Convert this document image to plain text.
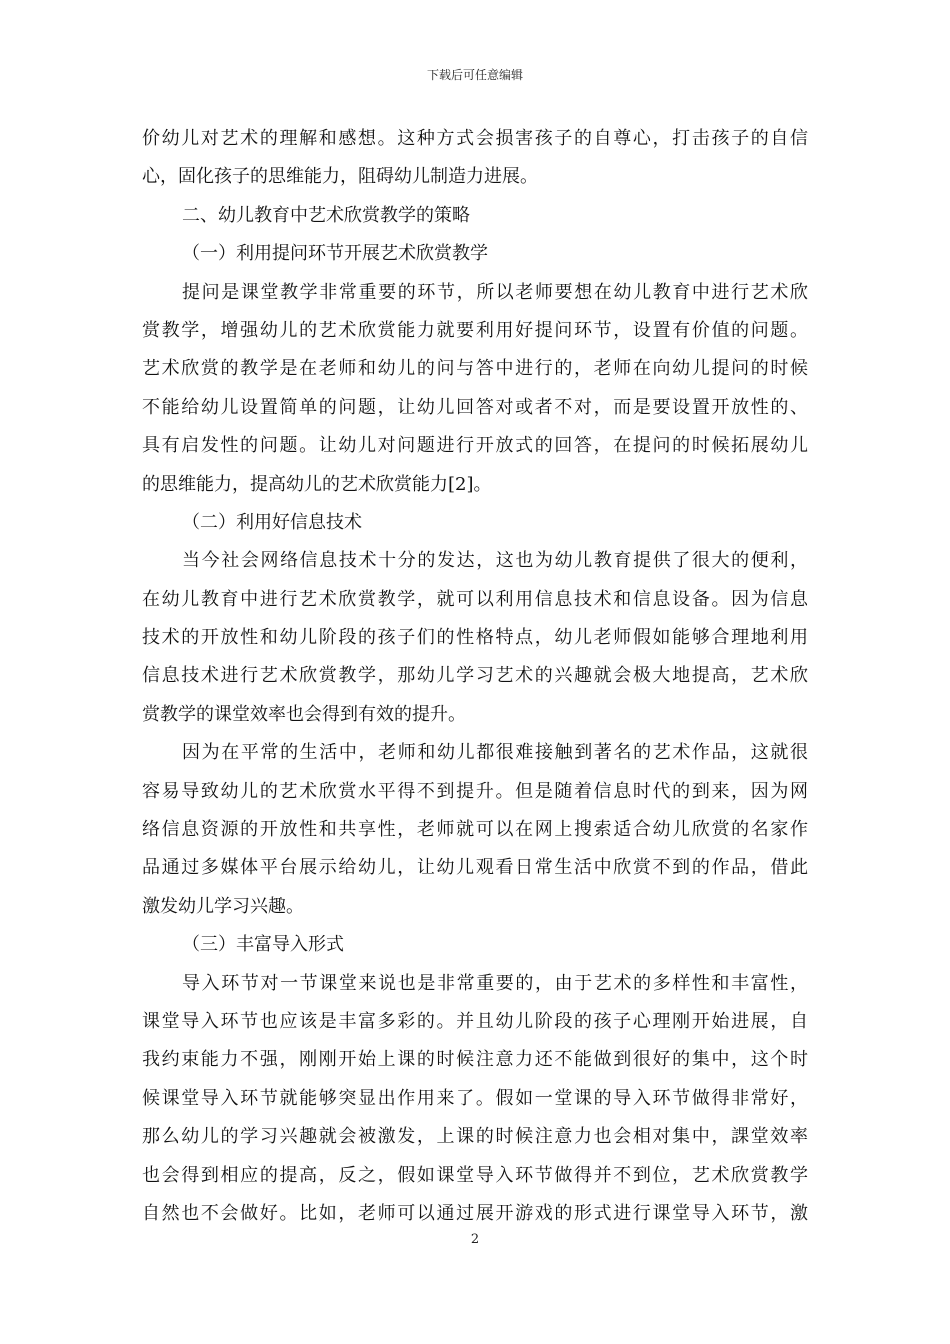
下载后可任意编辑
价幼儿对艺术的理解和感想。这种方式会损害孩子的自尊心，打击孩子的自信
心，固化孩子的思维能力，阻碍幼儿制造力进展。
二、幼儿教育中艺术欣赏教学的策略
（一）利用提问环节开展艺术欣赏教学
提问是课堂教学非常重要的环节，所以老师要想在幼儿教育中进行艺术欣
赏教学，增强幼儿的艺术欣赏能力就要利用好提问环节，设置有价值的问题。
艺术欣赏的教学是在老师和幼儿的问与答中进行的，老师在向幼儿提问的时候
不能给幼儿设置简单的问题，让幼儿回答对或者不对，而是要设置开放性的、
具有启发性的问题。让幼儿对问题进行开放式的回答，在提问的时候拓展幼儿
的思维能力，提高幼儿的艺术欣赏能力[2]。
（二）利用好信息技术
当今社会网络信息技术十分的发达，这也为幼儿教育提供了很大的便利，
在幼儿教育中进行艺术欣赏教学，就可以利用信息技术和信息设备。因为信息
技术的开放性和幼儿阶段的孩子们的性格特点，幼儿老师假如能够合理地利用
信息技术进行艺术欣赏教学，那幼儿学习艺术的兴趣就会极大地提高，艺术欣
赏教学的课堂效率也会得到有效的提升。
因为在平常的生活中，老师和幼儿都很难接触到著名的艺术作品，这就很
容易导致幼儿的艺术欣赏水平得不到提升。但是随着信息时代的到来，因为网
络信息资源的开放性和共享性，老师就可以在网上搜索适合幼儿欣赏的名家作
品通过多媒体平台展示给幼儿，让幼儿观看日常生活中欣赏不到的作品，借此
激发幼儿学习兴趣。
（三）丰富导入形式
导入环节对一节课堂来说也是非常重要的，由于艺术的多样性和丰富性，
课堂导入环节也应该是丰富多彩的。并且幼儿阶段的孩子心理刚开始进展，自
我约束能力不强，刚刚开始上课的时候注意力还不能做到很好的集中，这个时
候课堂导入环节就能够突显出作用来了。假如一堂课的导入环节做得非常好，
那么幼儿的学习兴趣就会被激发，上课的时候注意力也会相对集中，課堂效率
也会得到相应的提高，反之，假如课堂导入环节做得并不到位，艺术欣赏教学
自然也不会做好。比如，老师可以通过展开游戏的形式进行课堂导入环节，激
2
